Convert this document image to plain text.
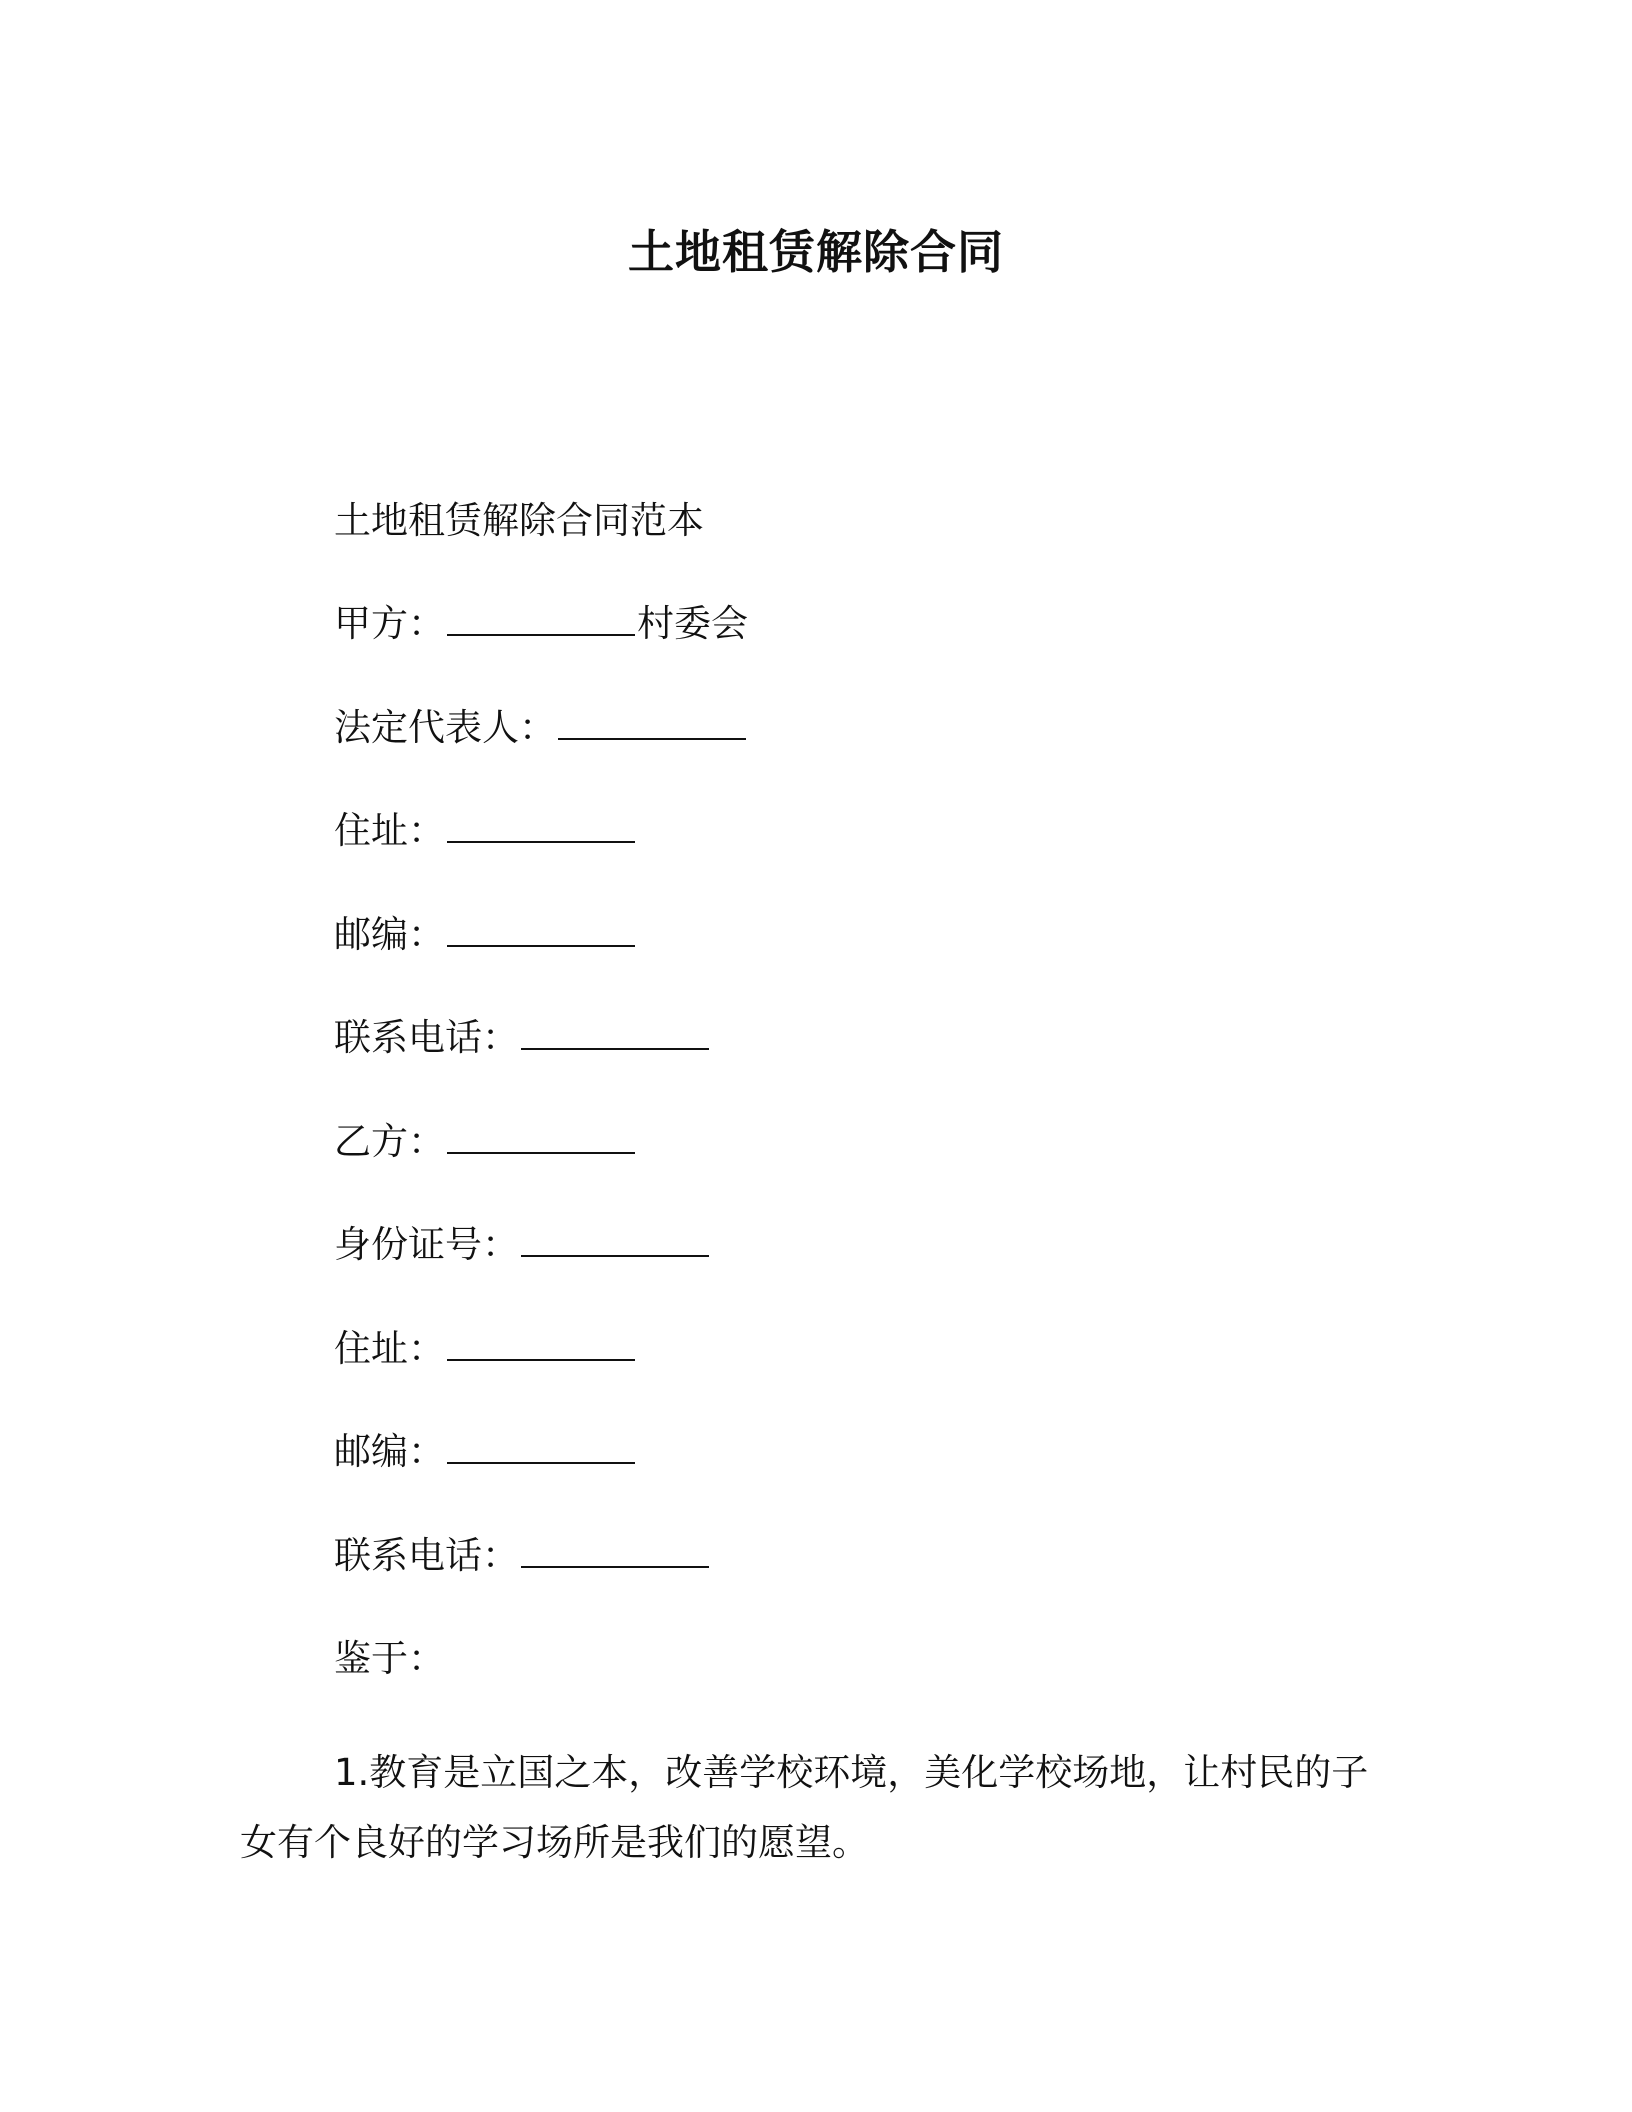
土地租赁解除合同
土地租赁解除合同范本
甲方：	村委会
法定代表人：
住址：
邮编：
联系电话：
乙方：
身份证号：
住址：
邮编：
联系电话：
鉴于：
1.教育是立国之本，改善学校环境，美化学校场地，让村民的子女有个良好的学习场所是我们的愿望。
